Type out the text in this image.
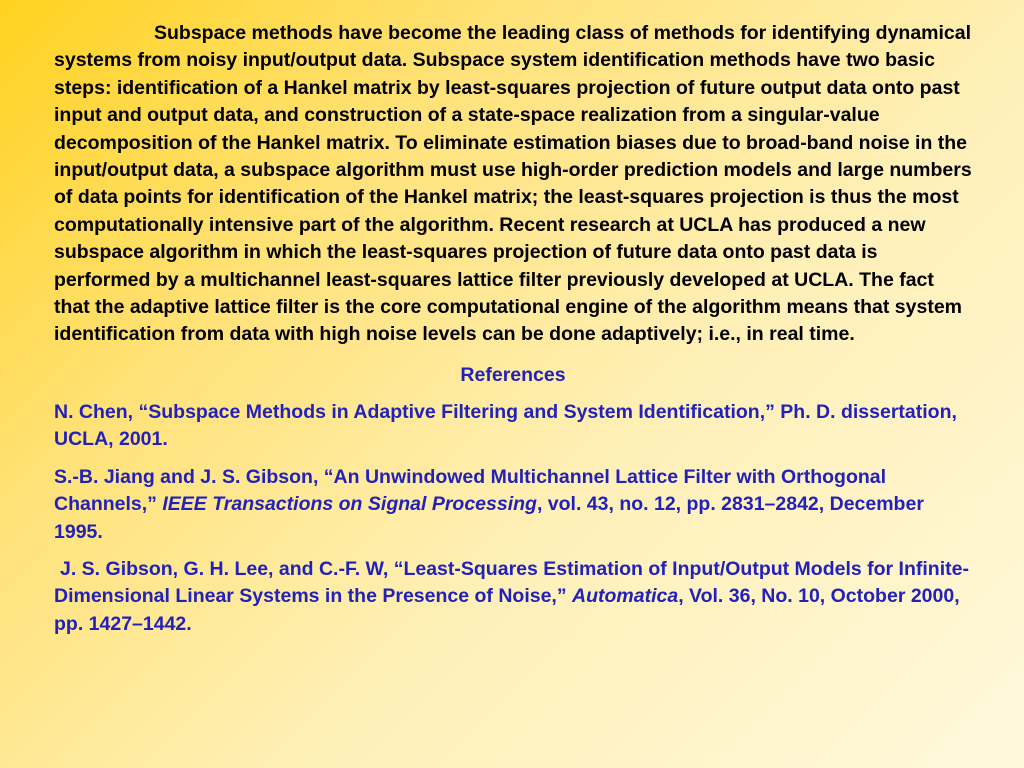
Subspace methods have become the leading class of methods for identifying dynamical systems from noisy input/output data. Subspace system identification methods have two basic steps: identification of a Hankel matrix by least-squares projection of future output data onto past input and output data, and construction of a state-space realization from a singular-value decomposition of the Hankel matrix. To eliminate estimation biases due to broad-band noise in the input/output data, a subspace algorithm must use high-order prediction models and large numbers of data points for identification of the Hankel matrix; the least-squares projection is thus the most computationally intensive part of the algorithm. Recent research at UCLA has produced a new subspace algorithm in which the least-squares projection of future data onto past data is performed by a multichannel least-squares lattice filter previously developed at UCLA. The fact that the adaptive lattice filter is the core computational engine of the algorithm means that system identification from data with high noise levels can be done adaptively; i.e., in real time.

References

N. Chen, “Subspace Methods in Adaptive Filtering and System Identification,” Ph. D. dissertation, UCLA, 2001.

S.-B. Jiang and J. S. Gibson, “An Unwindowed Multichannel Lattice Filter with Orthogonal Channels,” IEEE Transactions on Signal Processing, vol. 43, no. 12, pp. 2831–2842, December 1995.

J. S. Gibson, G. H. Lee, and C.-F. W, “Least-Squares Estimation of Input/Output Models for Infinite-Dimensional Linear Systems in the Presence of Noise,” Automatica, Vol. 36, No. 10, October 2000, pp. 1427–1442.
